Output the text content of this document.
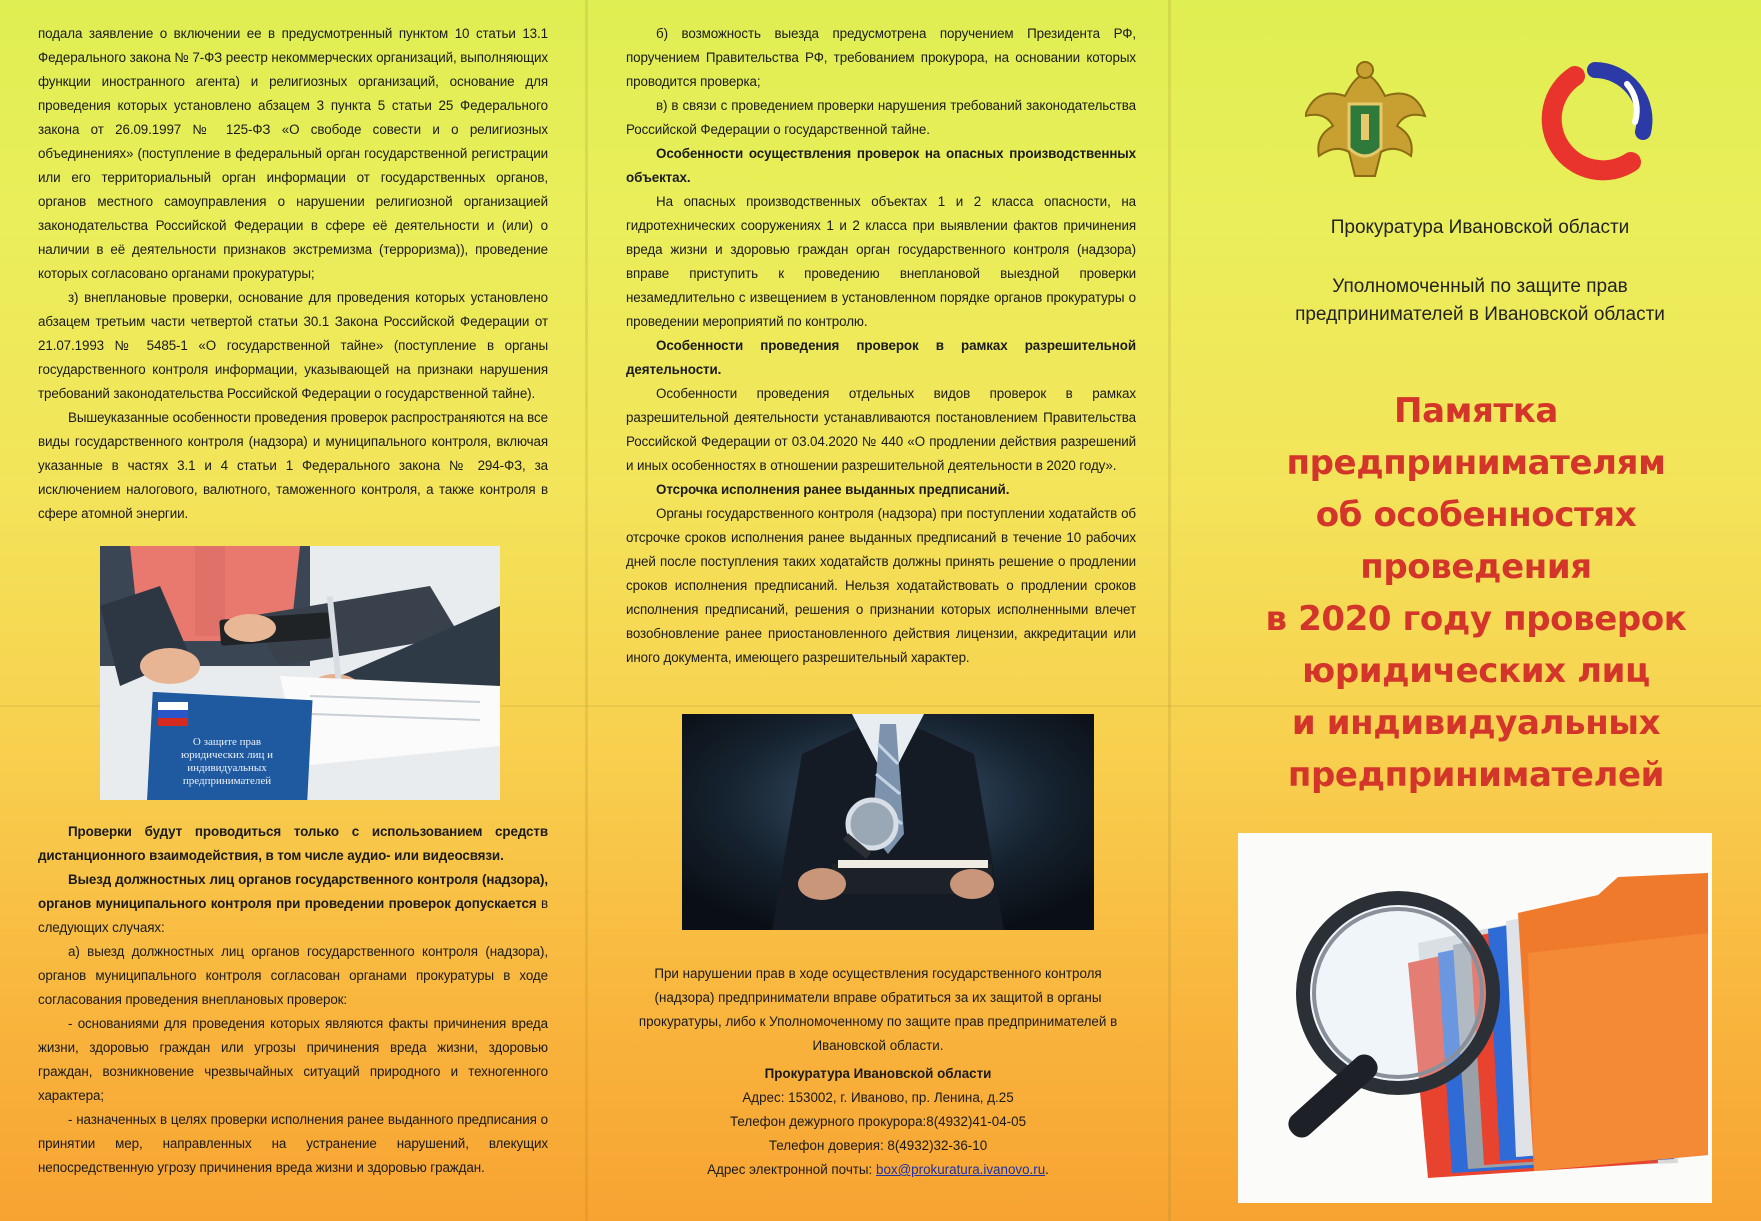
подала заявление о включении ее в предусмотренный пунктом 10 статьи 13.1 Федерального закона № 7-ФЗ реестр некоммерческих организаций, выполняющих функции иностранного агента) и религиозных организаций, основание для проведения которых установлено абзацем 3 пункта 5 статьи 25 Федерального закона от 26.09.1997 № 125-ФЗ «О свободе совести и о религиозных объединениях» (поступление в федеральный орган государственной регистрации или его территориальный орган информации от государственных органов, органов местного самоуправления о нарушении религиозной организацией законодательства Российской Федерации в сфере её деятельности и (или) о наличии в её деятельности признаков экстремизма (терроризма)), проведение которых согласовано органами прокуратуры;

з) внеплановые проверки, основание для проведения которых установлено абзацем третьим части четвертой статьи 30.1 Закона Российской Федерации от 21.07.1993 № 5485-1 «О государственной тайне» (поступление в органы государственного контроля информации, указывающей на признаки нарушения требований законодательства Российской Федерации о государственной тайне).

Вышеуказанные особенности проведения проверок распространяются на все виды государственного контроля (надзора) и муниципального контроля, включая указанные в частях 3.1 и 4 статьи 1 Федерального закона № 294-ФЗ, за исключением налогового, валютного, таможенного контроля, а также контроля в сфере атомной энергии.

О защите прав юридических лиц и индивидуальных предпринимателей

Проверки будут проводиться только с использованием средств дистанционного взаимодействия, в том числе аудио- или видеосвязи.

Выезд должностных лиц органов государственного контроля (надзора), органов муниципального контроля при проведении проверок допускается в следующих случаях:

а) выезд должностных лиц органов государственного контроля (надзора), органов муниципального контроля согласован органами прокуратуры в ходе согласования проведения внеплановых проверок:

- основаниями для проведения которых являются факты причинения вреда жизни, здоровью граждан или угрозы причинения вреда жизни, здоровью граждан, возникновение чрезвычайных ситуаций природного и техногенного характера;

- назначенных в целях проверки исполнения ранее выданного предписания о принятии мер, направленных на устранение нарушений, влекущих непосредственную угрозу причинения вреда жизни и здоровью граждан.

б) возможность выезда предусмотрена поручением Президента РФ, поручением Правительства РФ, требованием прокурора, на основании которых проводится проверка;

в) в связи с проведением проверки нарушения требований законодательства Российской Федерации о государственной тайне.

Особенности осуществления проверок на опасных производственных объектах.

На опасных производственных объектах 1 и 2 класса опасности, на гидротехнических сооружениях 1 и 2 класса при выявлении фактов причинения вреда жизни и здоровью граждан орган государственного контроля (надзора) вправе приступить к проведению внеплановой выездной проверки незамедлительно с извещением в установленном порядке органов прокуратуры о проведении мероприятий по контролю.

Особенности проведения проверок в рамках разрешительной деятельности.

Особенности проведения отдельных видов проверок в рамках разрешительной деятельности устанавливаются постановлением Правительства Российской Федерации от 03.04.2020 № 440 «О продлении действия разрешений и иных особенностях в отношении разрешительной деятельности в 2020 году».

Отсрочка исполнения ранее выданных предписаний.

Органы государственного контроля (надзора) при поступлении ходатайств об отсрочке сроков исполнения ранее выданных предписаний в течение 10 рабочих дней после поступления таких ходатайств должны принять решение о продлении сроков исполнения предписаний. Нельзя ходатайствовать о продлении сроков исполнения предписаний, решения о признании которых исполненными влечет возобновление ранее приостановленного действия лицензии, аккредитации или иного документа, имеющего разрешительный характер.

При нарушении прав в ходе осуществления государственного контроля (надзора) предприниматели вправе обратиться за их защитой в органы прокуратуры, либо к Уполномоченному по защите прав предпринимателей в Ивановской области.
Прокуратура Ивановской области
Адрес: 153002, г. Иваново, пр. Ленина, д.25
Телефон дежурного прокурора:8(4932)41-04-05
Телефон доверия: 8(4932)32-36-10
Адрес электронной почты: box@prokuratura.ivanovo.ru.
Прокуратура Ивановской области
Уполномоченный по защите прав
предпринимателей в Ивановской области
Памятка
предпринимателям
об особенностях
проведения
в 2020 году проверок
юридических лиц
и индивидуальных
предпринимателей
